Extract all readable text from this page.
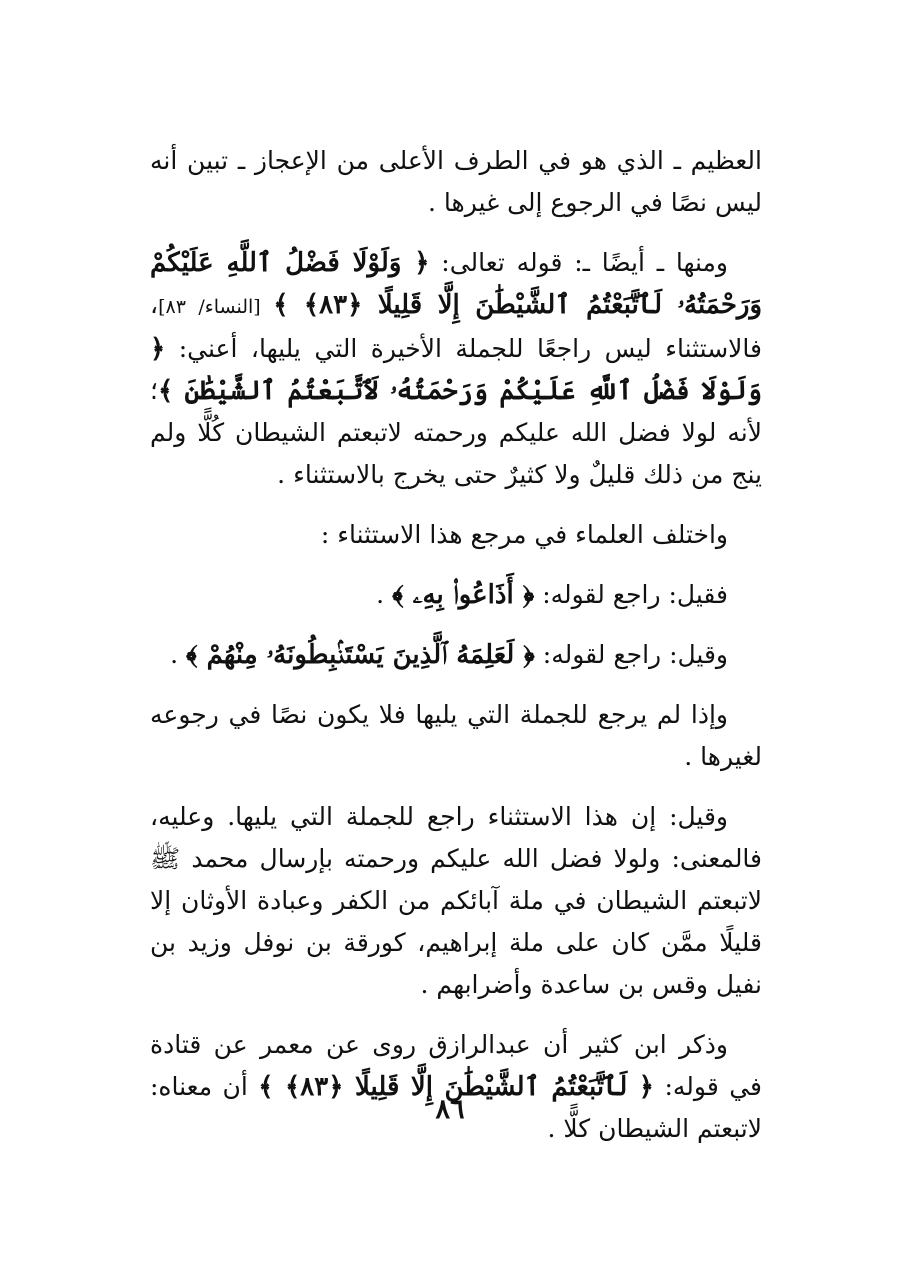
العظيم ـ الذي هو في الطرف الأعلى من الإعجاز ـ تبين أنه ليس نصًا في الرجوع إلى غيرها .

ومنها ـ أيضًا ـ: قوله تعالى: ﴿ وَلَوْلَا فَضْلُ ٱللَّهِ عَلَيْكُمْ وَرَحْمَتُهُۥ لَٱتَّبَعْتُمُ ٱلشَّيْطَٰنَ إِلَّا قَلِيلًا ﴿٨٣﴾ ﴾ [النساء/ ٨٣]، فالاستثناء ليس راجعًا للجملة الأخيرة التي يليها، أعني: ﴿ وَلَوْلَا فَضْلُ ٱللَّهِ عَلَيْكُمْ وَرَحْمَتُهُۥ لَٱتَّبَعْتُمُ ٱلشَّيْطَٰنَ ﴾؛ لأنه لولا فضل الله عليكم ورحمته لاتبعتم الشيطان كُلًّا ولم ينج من ذلك قليلٌ ولا كثيرٌ حتى يخرج بالاستثناء .

واختلف العلماء في مرجع هذا الاستثناء :

فقيل: راجع لقوله: ﴿ أَذَاعُوا۟ بِهِۦ ﴾ .

وقيل: راجع لقوله: ﴿ لَعَلِمَهُ ٱلَّذِينَ يَسْتَنۢبِطُونَهُۥ مِنْهُمْ ﴾ .

وإذا لم يرجع للجملة التي يليها فلا يكون نصًا في رجوعه لغيرها .

وقيل: إن هذا الاستثناء راجع للجملة التي يليها. وعليه، فالمعنى: ولولا فضل الله عليكم ورحمته بإرسال محمد ﷺ لاتبعتم الشيطان في ملة آبائكم من الكفر وعبادة الأوثان إلا قليلًا ممَّن كان على ملة إبراهيم، كورقة بن نوفل وزيد بن نفيل وقس بن ساعدة وأضرابهم .

وذكر ابن كثير أن عبدالرازق روى عن معمر عن قتادة في قوله: ﴿ لَٱتَّبَعْتُمُ ٱلشَّيْطَٰنَ إِلَّا قَلِيلًا ﴿٨٣﴾ ﴾ أن معناه: لاتبعتم الشيطان كلًّا .

٨٦
